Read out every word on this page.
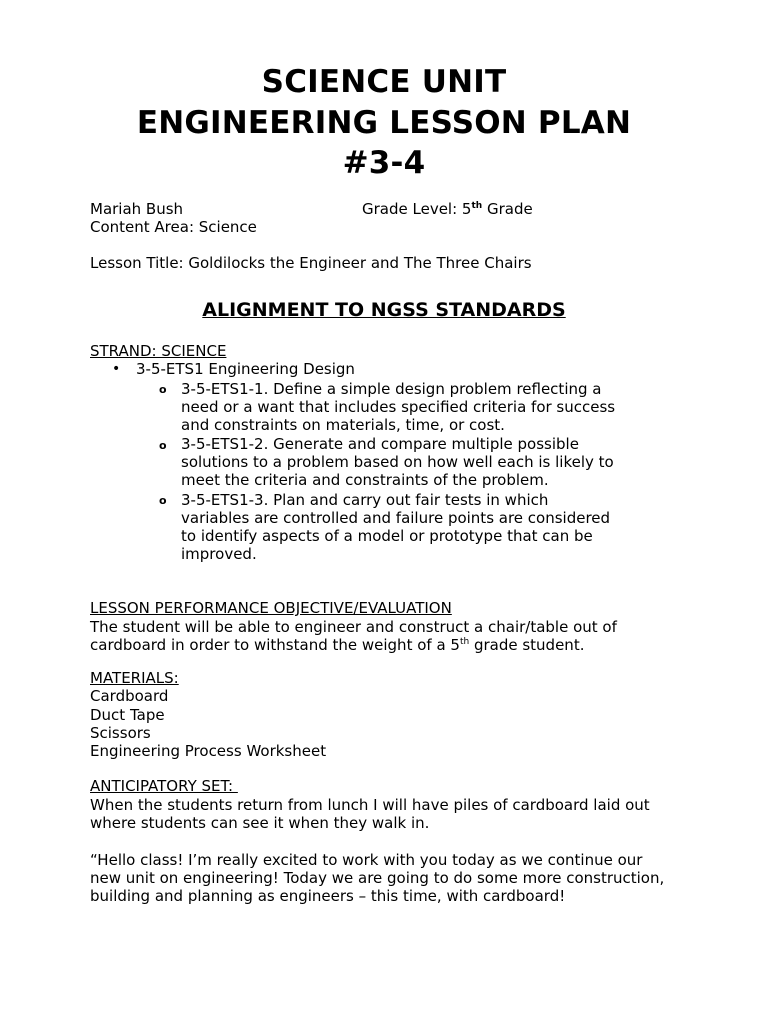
SCIENCE UNIT
ENGINEERING LESSON PLAN
#3-4
Mariah Bush	Grade Level: 5th Grade
Content Area: Science
Lesson Title: Goldilocks the Engineer and The Three Chairs
ALIGNMENT TO NGSS STANDARDS
STRAND: SCIENCE
• 3-5-ETS1 Engineering Design
o 3-5-ETS1-1. Define a simple design problem reflecting a
need or a want that includes specified criteria for success
and constraints on materials, time, or cost.
o 3-5-ETS1-2. Generate and compare multiple possible
solutions to a problem based on how well each is likely to
meet the criteria and constraints of the problem.
o 3-5-ETS1-3. Plan and carry out fair tests in which
variables are controlled and failure points are considered
to identify aspects of a model or prototype that can be
improved.
LESSON PERFORMANCE OBJECTIVE/EVALUATION
The student will be able to engineer and construct a chair/table out of
cardboard in order to withstand the weight of a 5th grade student.
MATERIALS:
Cardboard
Duct Tape
Scissors
Engineering Process Worksheet
ANTICIPATORY SET:
When the students return from lunch I will have piles of cardboard laid out
where students can see it when they walk in.
“Hello class! I’m really excited to work with you today as we continue our
new unit on engineering! Today we are going to do some more construction,
building and planning as engineers – this time, with cardboard!
